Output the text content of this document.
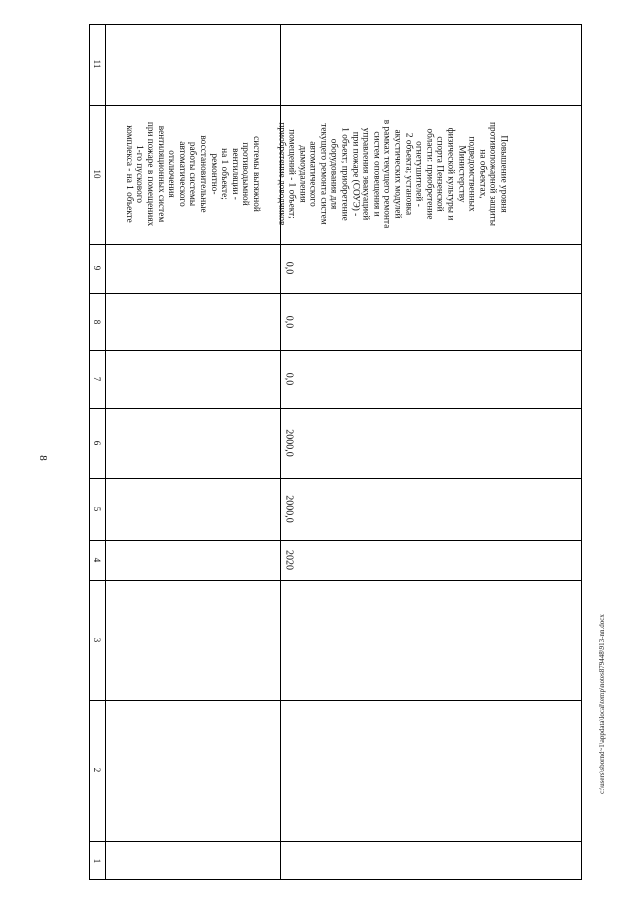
8
11
10
9
8
7
6
5
4
3
2
1
системы вытяжной
противодымной
вентиляции -
на 1 объекте;
ремонтно-
восстановительные
работы системы
автоматического
отключения
вентиляционных систем
при пожаре в помещениях
1-го пускового
комплекса - на 1 объекте
0,0
0,0
0,0
2000,0
2000,0
2020
Повышение уровня
противопожарной защиты
на объектах,
подведомственных
Министерству
физической культуры и
спорта Пензенской
области: приобретение
огнетушителей -
2 объекта; установка
акустических модулей
в рамках текущего ремонта
систем оповещения и
управления эвакуацией
при пожаре (СОУЭ) -
1 объект; приобретение
оборудования для
текущего ремонта систем
автоматического
дымоудаления
помещений - 1 объект;
приобретение доводчиков
c:\users\sbornd~1\appdata\local\temp\notes879448\913-nn.docx
